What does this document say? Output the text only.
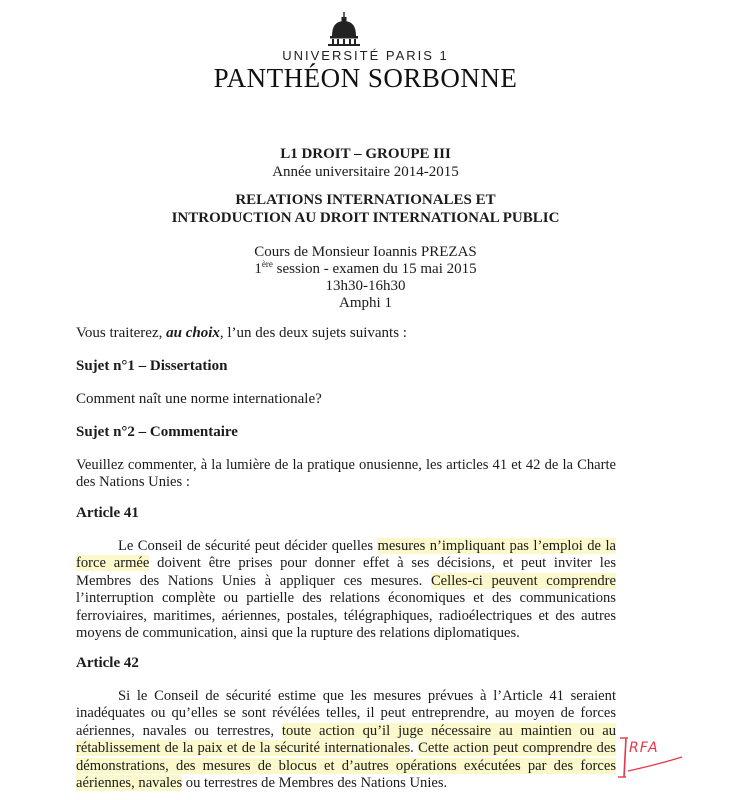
UNIVERSITÉ PARIS 1
PANTHÉON SORBONNE
L1 DROIT – GROUPE III
Année universitaire 2014-2015
RELATIONS INTERNATIONALES ET
INTRODUCTION AU DROIT INTERNATIONAL PUBLIC
Cours de Monsieur Ioannis PREZAS
1ère session - examen du 15 mai 2015
13h30-16h30
Amphi 1
Vous traiterez, au choix, l’un des deux sujets suivants :
Sujet n°1 – Dissertation
Comment naît une norme internationale?
Sujet n°2 – Commentaire
Veuillez commenter, à la lumière de la pratique onusienne, les articles 41 et 42 de la Charte des Nations Unies :
Article 41
Le Conseil de sécurité peut décider quelles mesures n’impliquant pas l’emploi de la force armée doivent être prises pour donner effet à ses décisions, et peut inviter les Membres des Nations Unies à appliquer ces mesures. Celles-ci peuvent comprendre l’interruption complète ou partielle des relations économiques et des communications ferroviaires, maritimes, aériennes, postales, télégraphiques, radioélectriques et des autres moyens de communication, ainsi que la rupture des relations diplomatiques.
Article 42
Si le Conseil de sécurité estime que les mesures prévues à l’Article 41 seraient inadéquates ou qu’elles se sont révélées telles, il peut entreprendre, au moyen de forces aériennes, navales ou terrestres, toute action qu’il juge nécessaire au maintien ou au rétablissement de la paix et de la sécurité internationales. Cette action peut comprendre des démonstrations, des mesures de blocus et d’autres opérations exécutées par des forces aériennes, navales ou terrestres de Membres des Nations Unies.
RFA
